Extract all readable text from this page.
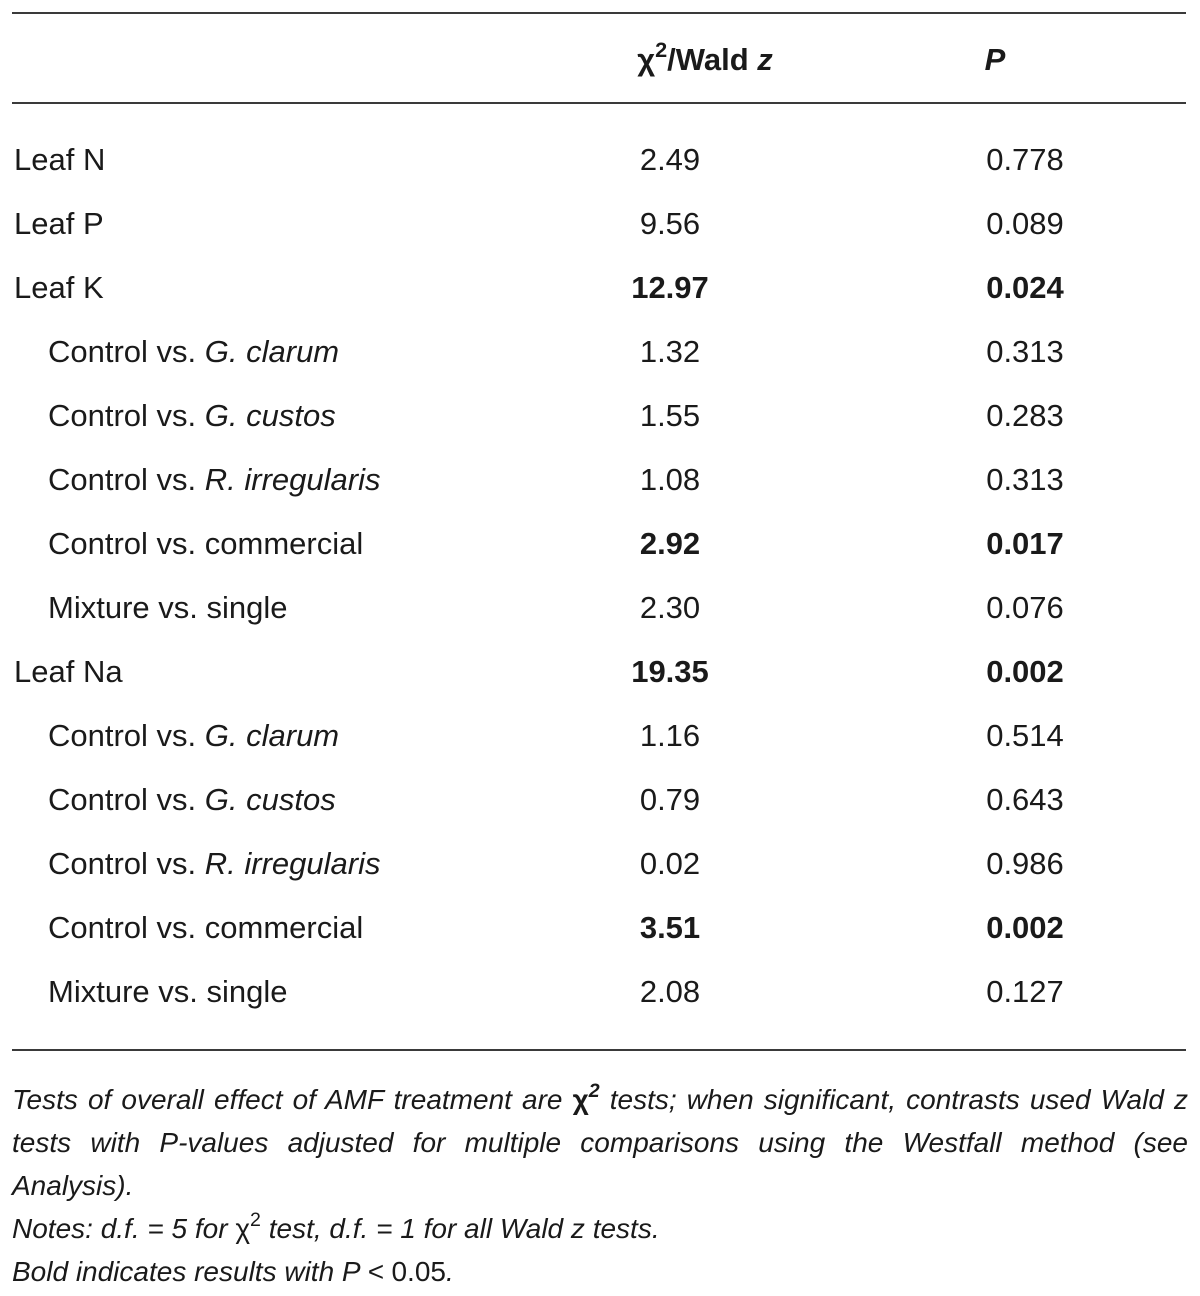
$\chi^2$/Wald z	P
Leaf N	2.49	0.778
Leaf P	9.56	0.089
Leaf K	12.97	0.024
Control vs. G. clarum	1.32	0.313
Control vs. G. custos	1.55	0.283
Control vs. R. irregularis	1.08	0.313
Control vs. commercial	2.92	0.017
Mixture vs. single	2.30	0.076
Leaf Na	19.35	0.002
Control vs. G. clarum	1.16	0.514
Control vs. G. custos	0.79	0.643
Control vs. R. irregularis	0.02	0.986
Control vs. commercial	3.51	0.002
Mixture vs. single	2.08	0.127
Tests of overall effect of AMF treatment are $\chi^2$ tests; when significant, contrasts used Wald z tests with P-values adjusted for multiple comparisons using the Westfall method (see Analysis).
Notes: d.f. = 5 for $\chi^2$ test, d.f. = 1 for all Wald z tests.
Bold indicates results with P < 0.05.
